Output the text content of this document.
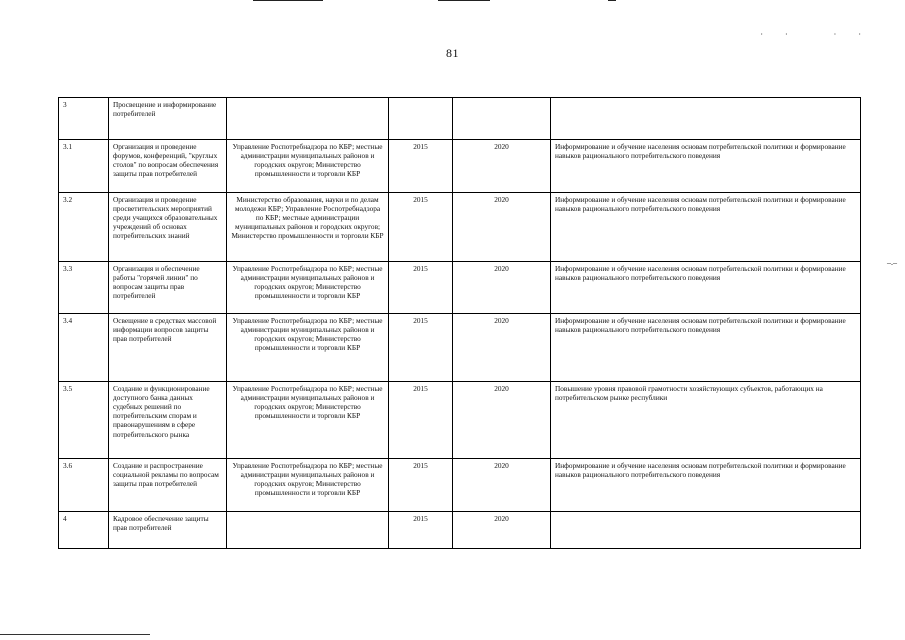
81
·· ··
–.–
3	Просвещение и информирование потребителей				
3.1	Организация и проведение форумов, конференций, "круглых столов" по вопросам обеспечения защиты прав потребителей	Управление Роспотребнадзора по КБР; местные администрации муниципальных районов и городских округов; Министерство промышленности и торговли КБР	2015	2020	Информирование и обучение населения основам потребительской политики и формирование навыков рационального потребительского поведения
3.2	Организация и проведение просветительских мероприятий среди учащихся образовательных учреждений об основах потребительских знаний	Министерство образования, науки и по делам молодежи КБР; Управление Роспотребнадзора по КБР; местные администрации муниципальных районов и городских округов; Министерство промышленности и торговли КБР	2015	2020	Информирование и обучение населения основам потребительской политики и формирование навыков рационального потребительского поведения
3.3	Организация и обеспечение работы "горячей линии" по вопросам защиты прав потребителей	Управление Роспотребнадзора по КБР; местные администрации муниципальных районов и городских округов; Министерство промышленности и торговли КБР	2015	2020	Информирование и обучение населения основам потребительской политики и формирование навыков рационального потребительского поведения
3.4	Освещение в средствах массовой информации вопросов защиты прав потребителей	Управление Роспотребнадзора по КБР; местные администрации муниципальных районов и городских округов; Министерство промышленности и торговли КБР	2015	2020	Информирование и обучение населения основам потребительской политики и формирование навыков рационального потребительского поведения
3.5	Создание и функционирование доступного банка данных судебных решений по потребительским спорам и правонарушениям в сфере потребительского рынка	Управление Роспотребнадзора по КБР; местные администрации муниципальных районов и городских округов; Министерство промышленности и торговли КБР	2015	2020	Повышение уровня правовой грамотности хозяйствующих субъектов, работающих на потребительском рынке республики
3.6	Создание и распространение социальной рекламы по вопросам защиты прав потребителей	Управление Роспотребнадзора по КБР; местные администрации муниципальных районов и городских округов; Министерство промышленности и торговли КБР	2015	2020	Информирование и обучение населения основам потребительской политики и формирование навыков рационального потребительского поведения
4	Кадровое обеспечение защиты прав потребителей		2015	2020	
